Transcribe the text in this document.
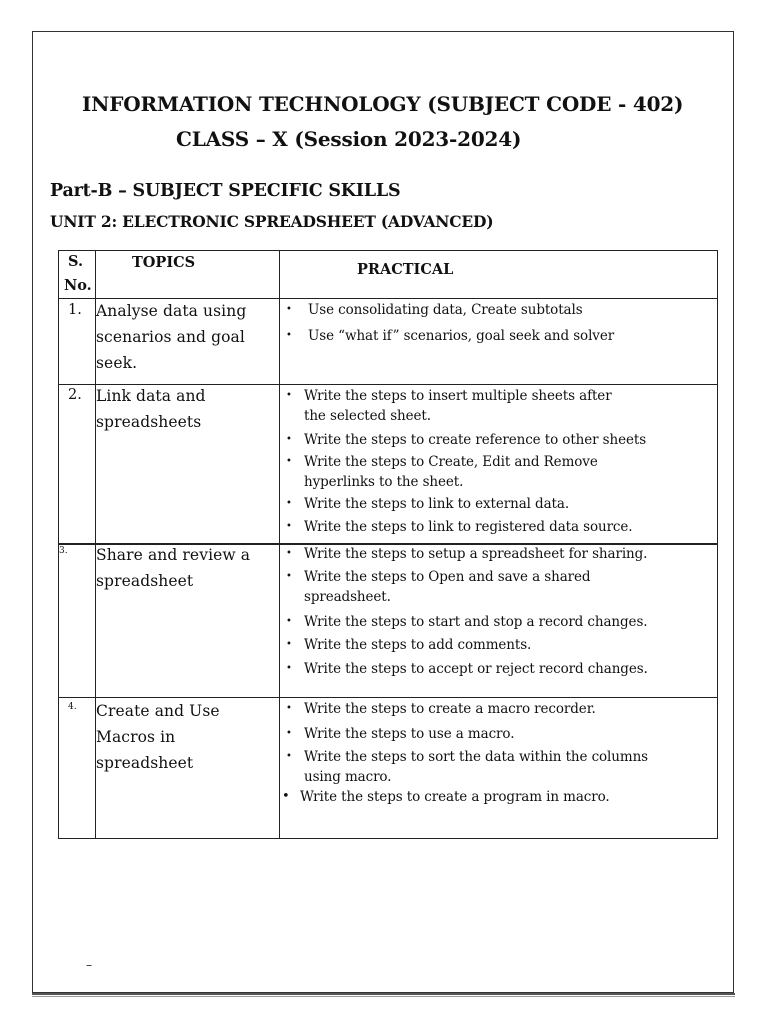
INFORMATION TECHNOLOGY (SUBJECT CODE - 402)
CLASS – X (Session 2023-2024)
Part-B – SUBJECT SPECIFIC SKILLS
UNIT 2: ELECTRONIC SPREADSHEET (ADVANCED)
S.
No.
TOPICS	PRACTICAL
1. Analyse data using
scenarios and goal
seek.
• Use consolidating data, Create subtotals
• Use “what if” scenarios, goal seek and solver
2. Link data and
spreadsheets
• Write the steps to insert multiple sheets after
the selected sheet.
• Write the steps to create reference to other sheets
• Write the steps to Create, Edit and Remove
hyperlinks to the sheet.
• Write the steps to link to external data.
• Write the steps to link to registered data source.
3. Share and review a
spreadsheet
• Write the steps to setup a spreadsheet for sharing.
• Write the steps to Open and save a shared
spreadsheet.
• Write the steps to start and stop a record changes.
• Write the steps to add comments.
• Write the steps to accept or reject record changes.
4. Create and Use
Macros in
spreadsheet
• Write the steps to create a macro recorder.
• Write the steps to use a macro.
• Write the steps to sort the data within the columns
using macro.
• Write the steps to create a program in macro.
–
